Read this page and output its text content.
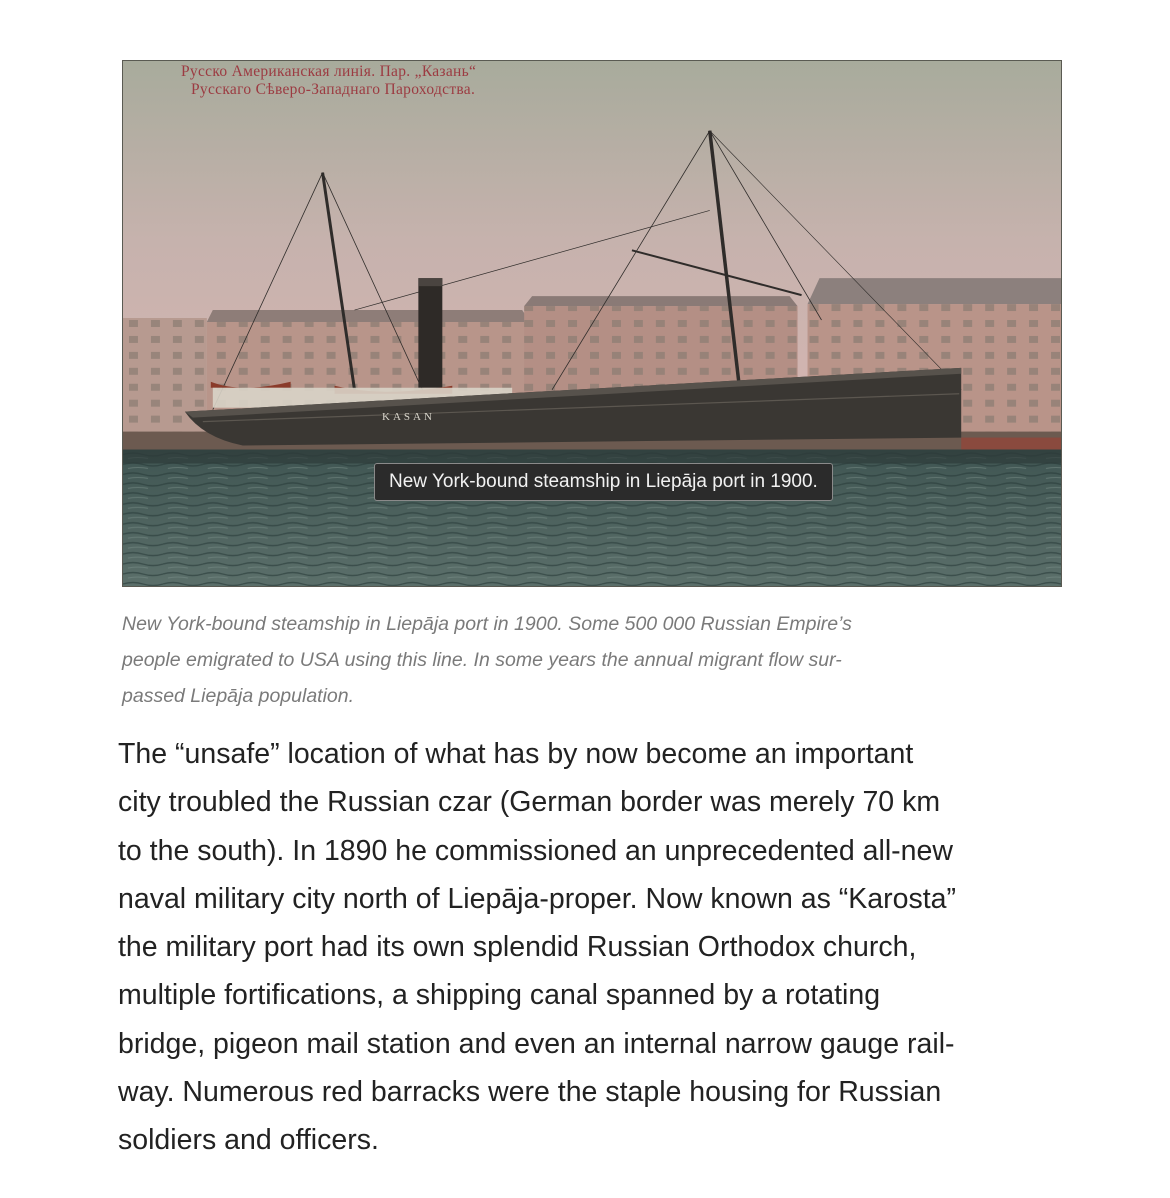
Русско Американская линія. Пар. „Казань“
Русскаго Сѣверо-Западнаго Пароходства.

KASAN
New York-bound steamship in Liepāja port in 1900.

New York-bound steamship in Liepāja port in 1900. Some 500 000 Russian Empire’s
people emigrated to USA using this line. In some years the annual migrant flow sur-
passed Liepāja population.

The “unsafe” location of what has by now become an important
city troubled the Russian czar (German border was merely 70 km
to the south). In 1890 he commissioned an unprecedented all-new
naval military city north of Liepāja-proper. Now known as “Karosta”
the military port had its own splendid Russian Orthodox church,
multiple fortifications, a shipping canal spanned by a rotating
bridge, pigeon mail station and even an internal narrow gauge rail-
way. Numerous red barracks were the staple housing for Russian
soldiers and officers.
